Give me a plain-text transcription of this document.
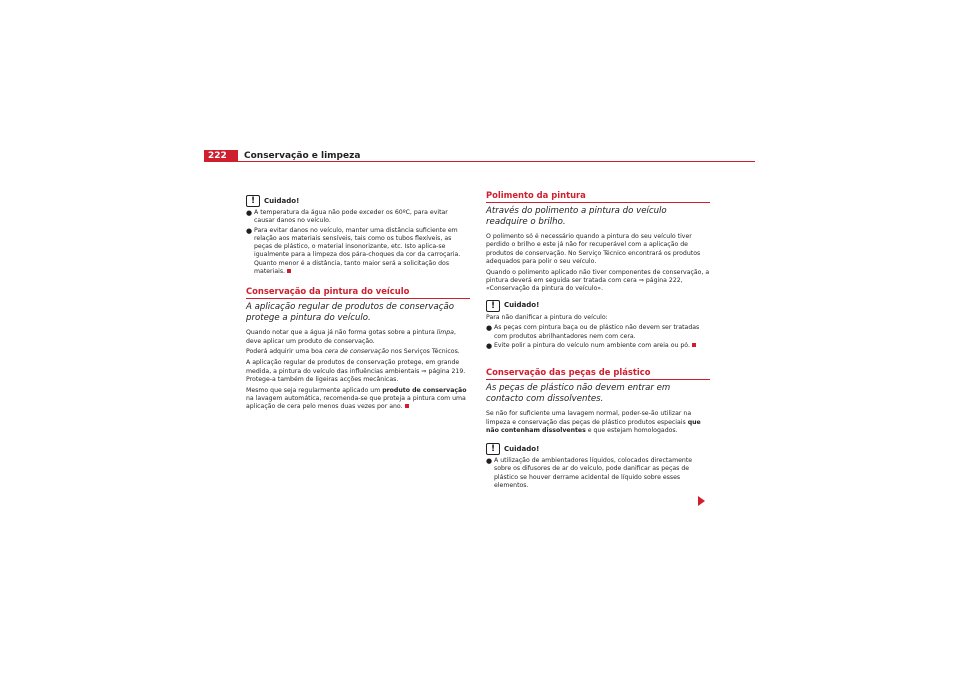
222	Conservação e limpeza
!	Cuidado!
● A temperatura da água não pode exceder os 60ºC, para evitar causar danos no veículo.
● Para evitar danos no veículo, manter uma distância suficiente em relação aos materiais sensíveis, tais como os tubos flexíveis, as peças de plástico, o material insonorizante, etc. Isto aplica-se igualmente para a limpeza dos pára-choques da cor da carroçaria. Quanto menor é a distância, tanto maior será a solicitação dos materiais.
Conservação da pintura do veículo
A aplicação regular de produtos de conservação protege a pintura do veículo.

Quando notar que a água já não forma gotas sobre a pintura limpa, deve aplicar um produto de conservação.

Poderá adquirir uma boa cera de conservação nos Serviços Técnicos.

A aplicação regular de produtos de conservação protege, em grande medida, a pintura do veículo das influências ambientais ⇒ página 219. Protege-a também de ligeiras acções mecânicas.

Mesmo que seja regularmente aplicado um produto de conservação na lavagem automática, recomenda-se que proteja a pintura com uma aplicação de cera pelo menos duas vezes por ano.

Polimento da pintura
Através do polimento a pintura do veículo readquire o brilho.

O polimento só é necessário quando a pintura do seu veículo tiver perdido o brilho e este já não for recuperável com a aplicação de produtos de conservação. No Serviço Técnico encontrará os produtos adequados para polir o seu veículo.

Quando o polimento aplicado não tiver componentes de conservação, a pintura deverá em seguida ser tratada com cera ⇒ página 222, «Conservação da pintura do veículo».

!	Cuidado!

Para não danificar a pintura do veículo:

● As peças com pintura baça ou de plástico não devem ser tratadas com produtos abrilhantadores nem com cera.
● Evite polir a pintura do veículo num ambiente com areia ou pó.
Conservação das peças de plástico
As peças de plástico não devem entrar em contacto com dissolventes.

Se não for suficiente uma lavagem normal, poder-se-ão utilizar na limpeza e conservação das peças de plástico produtos especiais que não contenham dissolventes e que estejam homologados.

!	Cuidado!
● A utilização de ambientadores líquidos, colocados directamente sobre os difusores de ar do veículo, pode danificar as peças de plástico se houver derrame acidental de líquido sobre esses elementos.
